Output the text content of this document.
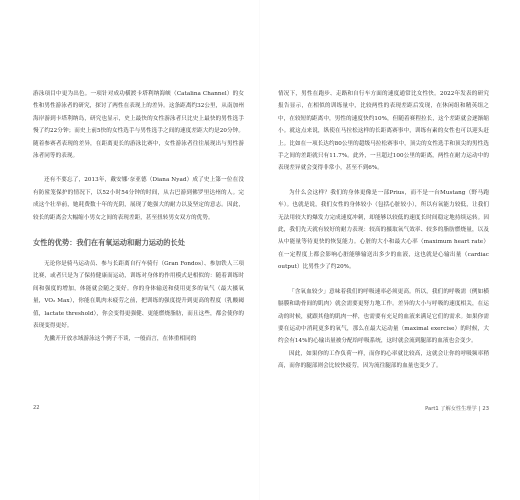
游泳项目中更为出色。一项针对成功横渡卡塔利纳海峡（Catalina Channel）的女性和男性游泳者的研究，探讨了两性在表现上的差异。这条距离约32公里，从南加州海岸游到卡塔利纳岛，研究也显示，史上最快的女性游泳者只比史上最快的男性选手慢了约22分钟；而史上前5快的女性选手与男性选手之间的速度差距大约是20分钟。随着参赛者表现的差异，在距离更长的游泳比赛中，女性游泳者往往展现出与男性游泳者同等的表现。

还有不要忘了，2013年，戴安娜·奈亚德（Diana Nyad）成了史上第一位在没有防鲨笼保护的情况下，以52小时54分钟的时间，从古巴游到佛罗里达州的人。完成这个壮举前，她耗费数十年的光阴，展现了她强大的耐力以及坚定的意志。因此，较长的距离会大幅缩小男女之间的表现差距，甚至扭转男女双方的优势。

女性的优势：我们在有氧运动和耐力运动的长处

无论你是骑马运动员、参与长距离自行车骑行（Gran Fondos）、参加铁人三项比赛，或者只是为了保持健康而运动，训练对身体的作用模式是相似的：随着训练时间和强度的增加，体能就会随之变好。你的身体输送和使用更多的氧气（最大摄氧量，VO₂ Max），你能在肌肉未疲劳之前，把训练的强度提升到更高的程度（乳酸阈值，lactate threshold），你会变得更强健、更能燃烧脂肪，而且这些，都会使你的表现变得更好。

先撇开开放水域游泳这个例子不谈，一般而言，在体重相同的

情况下，男性在跑步、走路和自行车方面的速度通常比女性快。2022年发表的研究报告显示，在相似的训练量中，比较两性的表现差距后发现，在休闲组和精英组之中，在较短的距离中，男性的速度快约10%，但随着赛程拉长，这个差距就会逐渐缩小。就这点来说，纵使在马拉松这样的长距离赛事中，训练有素的女性也可以迎头赶上。比如在一项长达约80公里的超级马拉松赛事中，顶尖的女性选手和顶尖的男性选手之间的差距就只有11.7%。此外，一旦超过100公里的距离，两性在耐力运动中的表现差异就会变得非常小，甚至不到6%。

为什么会这样？我们的身体更像是一部Prius，而不是一台Mustang（野马跑车）。也就是说，我们女性的身体较小（包括心脏较小），所以有氧能力较低，让我们无法用较大的爆发力完成速度冲刺，却能够以较低的速度长时间稳定地持续运转。因此，我们先天就有较好的耐力表现：较高的摄取氧气效率、较多的脂肪燃烧量，以及从中能量等待更快的恢复能力。心脏的大小和最大心率（maximum heart rate）在一定程度上都会影响心脏能够输送出多少的血液，这也就是心输出量（cardiac output）比男性少了约20%。

「含氧血较少」意味着我们的呼吸速率必须更高。所以，我们的呼吸需（例如横膈膜和助骨间的肌肉）就会需要更努力地工作。差异的大小与呼吸的速度相关，在运动的时候，就跟其他的肌肉一样，也需要有充足的血液来满足它们的需求。如果你需要在运动中消耗更多的氧气，那么在最大运动量（maximal exercise）的时候，大约会有14%的心输出量被分配给呼吸系统，这时就会流到腿部的血液也会变少。

因此，如果你的工作负荷一样，而你的心率就比较高，这就会让你的呼吸频率稍高，而你的腿部则会比较快疲劳，因为流往腿部的血量也变少了。

22	Part1 了解女性生理学 | 23
